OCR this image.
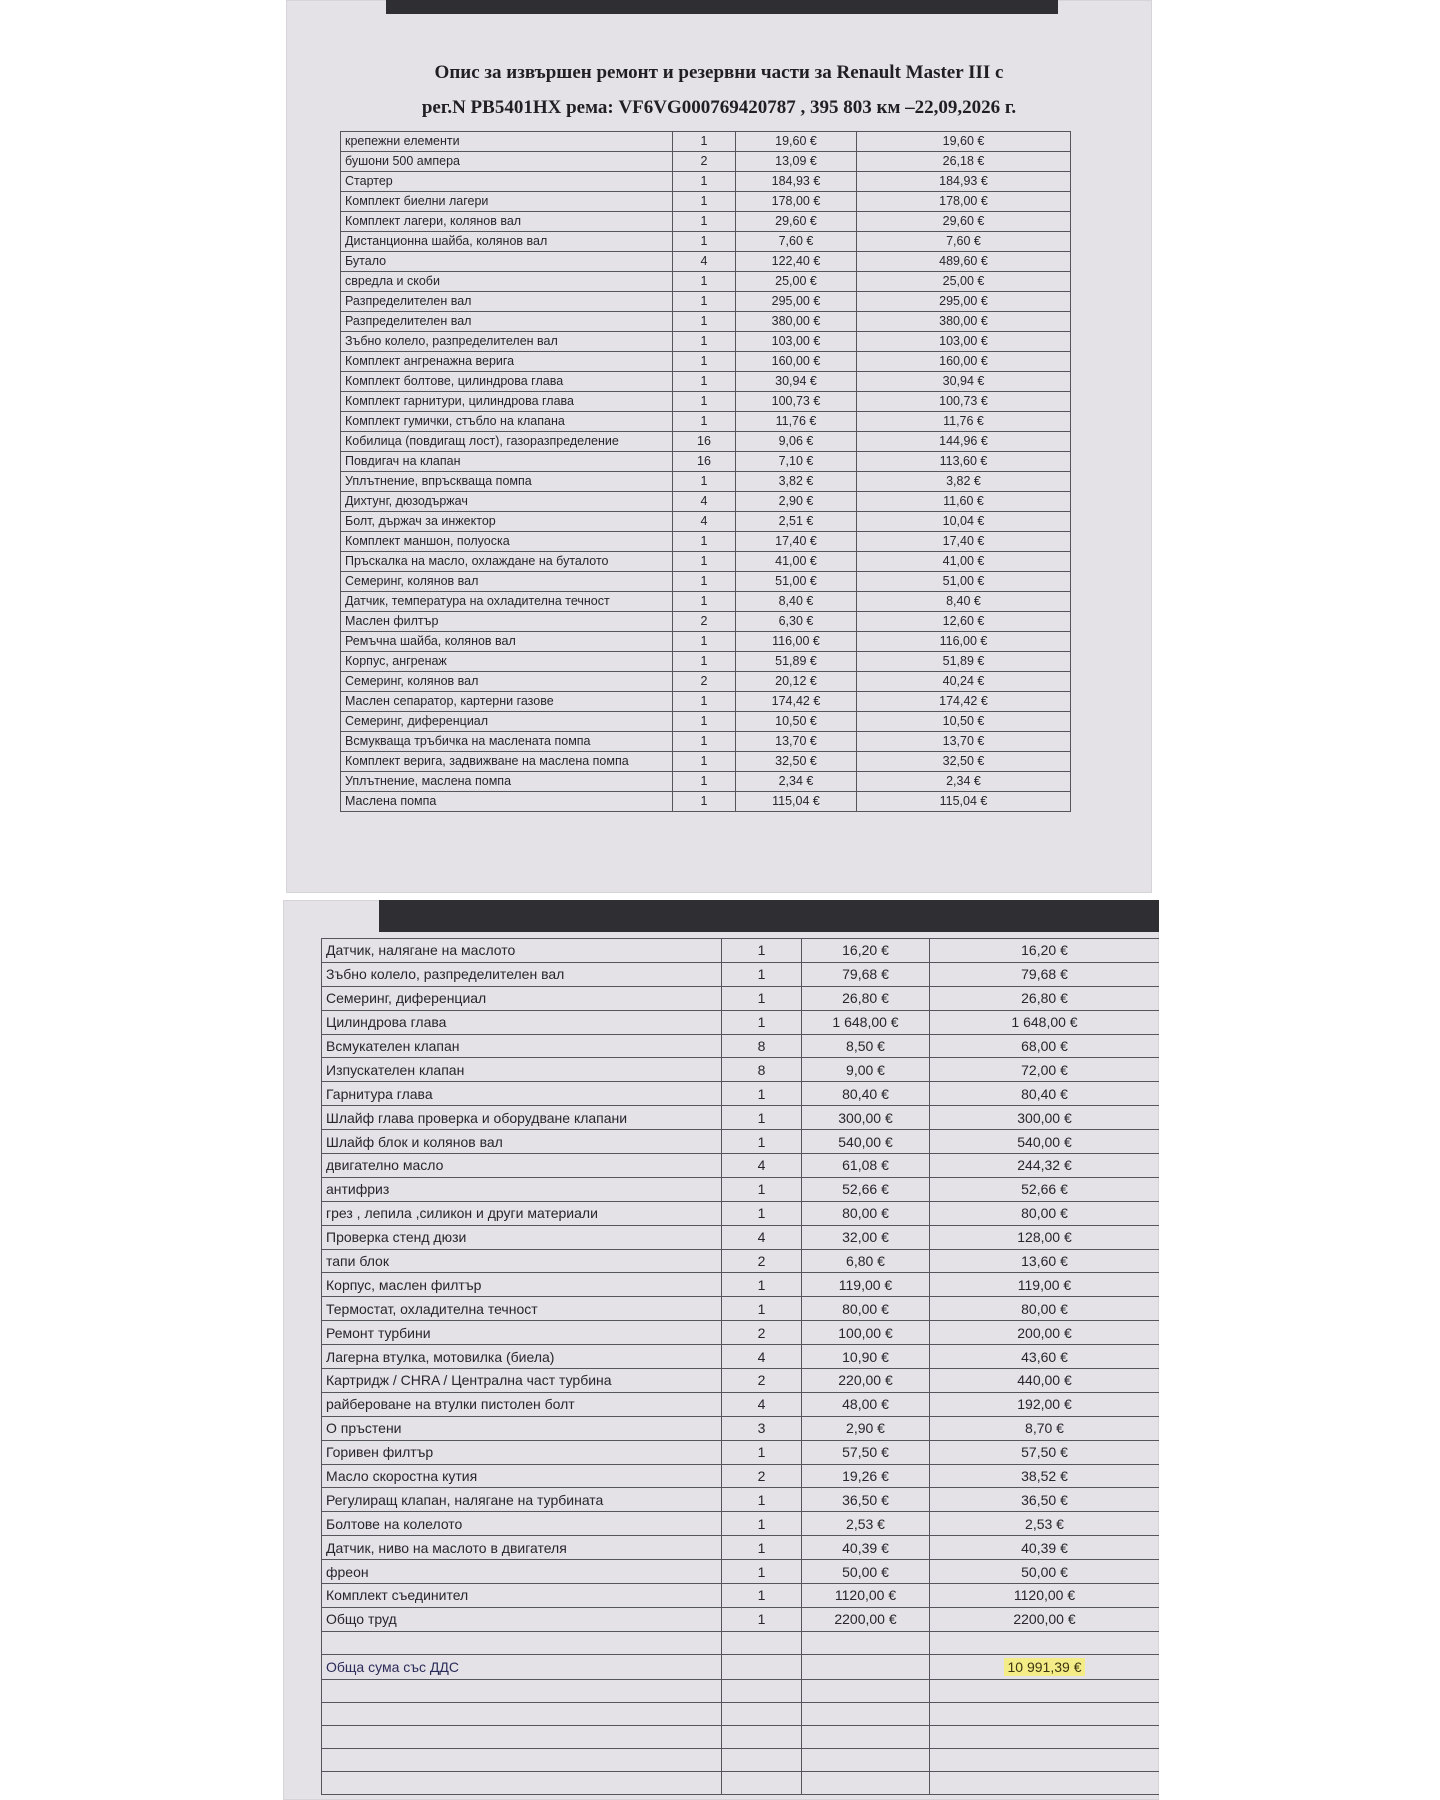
Опис за извършен ремонт и резервни части за Renault Master III с
рег.N PB5401HX рема: VF6VG000769420787 , 395 803 км –22,09,2026 г.
крепежни елементи	1	19,60 €	19,60 €
бушони 500 ампера	2	13,09 €	26,18 €
Стартер	1	184,93 €	184,93 €
Комплект биелни лагери	1	178,00 €	178,00 €
Комплект лагери, колянов вал	1	29,60 €	29,60 €
Дистанционна шайба, колянов вал	1	7,60 €	7,60 €
Бутало	4	122,40 €	489,60 €
свредла и скоби	1	25,00 €	25,00 €
Разпределителен вал	1	295,00 €	295,00 €
Разпределителен вал	1	380,00 €	380,00 €
Зъбно колело, разпределителен вал	1	103,00 €	103,00 €
Комплект ангренажна верига	1	160,00 €	160,00 €
Комплект болтове, цилиндрова глава	1	30,94 €	30,94 €
Комплект гарнитури, цилиндрова глава	1	100,73 €	100,73 €
Комплект гумички, стъбло на клапана	1	11,76 €	11,76 €
Кобилица (повдигащ лост), газоразпределение	16	9,06 €	144,96 €
Повдигач на клапан	16	7,10 €	113,60 €
Уплътнение, впръскваща помпа	1	3,82 €	3,82 €
Дихтунг, дюзодържач	4	2,90 €	11,60 €
Болт, държач за инжектор	4	2,51 €	10,04 €
Комплект маншон, полуоска	1	17,40 €	17,40 €
Пръскалка на масло, охлаждане на буталото	1	41,00 €	41,00 €
Семеринг, колянов вал	1	51,00 €	51,00 €
Датчик, температура на охладителна течност	1	8,40 €	8,40 €
Маслен филтър	2	6,30 €	12,60 €
Ремъчна шайба, колянов вал	1	116,00 €	116,00 €
Корпус, ангренаж	1	51,89 €	51,89 €
Семеринг, колянов вал	2	20,12 €	40,24 €
Маслен сепаратор, картерни газове	1	174,42 €	174,42 €
Семеринг, диференциал	1	10,50 €	10,50 €
Всмукваща тръбичка на маслената помпа	1	13,70 €	13,70 €
Комплект верига, задвижване на маслена помпа	1	32,50 €	32,50 €
Уплътнение, маслена помпа	1	2,34 €	2,34 €
Маслена помпа	1	115,04 €	115,04 €
Датчик, налягане на маслото	1	16,20 €	16,20 €
Зъбно колело, разпределителен вал	1	79,68 €	79,68 €
Семеринг, диференциал	1	26,80 €	26,80 €
Цилиндрова глава	1	1 648,00 €	1 648,00 €
Всмукателен клапан	8	8,50 €	68,00 €
Изпускателен клапан	8	9,00 €	72,00 €
Гарнитура глава	1	80,40 €	80,40 €
Шлайф глава проверка и оборудване клапани	1	300,00 €	300,00 €
Шлайф блок и колянов вал	1	540,00 €	540,00 €
двигателно масло	4	61,08 €	244,32 €
антифриз	1	52,66 €	52,66 €
грез , лепила ,силикон и други материали	1	80,00 €	80,00 €
Проверка стенд дюзи	4	32,00 €	128,00 €
тапи блок	2	6,80 €	13,60 €
Корпус, маслен филтър	1	119,00 €	119,00 €
Термостат, охладителна течност	1	80,00 €	80,00 €
Ремонт турбини	2	100,00 €	200,00 €
Лагерна втулка, мотовилка (биела)	4	10,90 €	43,60 €
Картридж / CHRA / Централна част турбина	2	220,00 €	440,00 €
райбероване на втулки пистолен болт	4	48,00 €	192,00 €
О пръстени	3	2,90 €	8,70 €
Горивен филтър	1	57,50 €	57,50 €
Масло скоростна кутия	2	19,26 €	38,52 €
Регулиращ клапан, налягане на турбината	1	36,50 €	36,50 €
Болтове на колелото	1	2,53 €	2,53 €
Датчик, ниво на маслото в двигателя	1	40,39 €	40,39 €
фреон	1	50,00 €	50,00 €
Комплект съединител	1	1120,00 €	1120,00 €
Общо труд	1	2200,00 €	2200,00 €

Обща сума със ДДС			10 991,39 €
